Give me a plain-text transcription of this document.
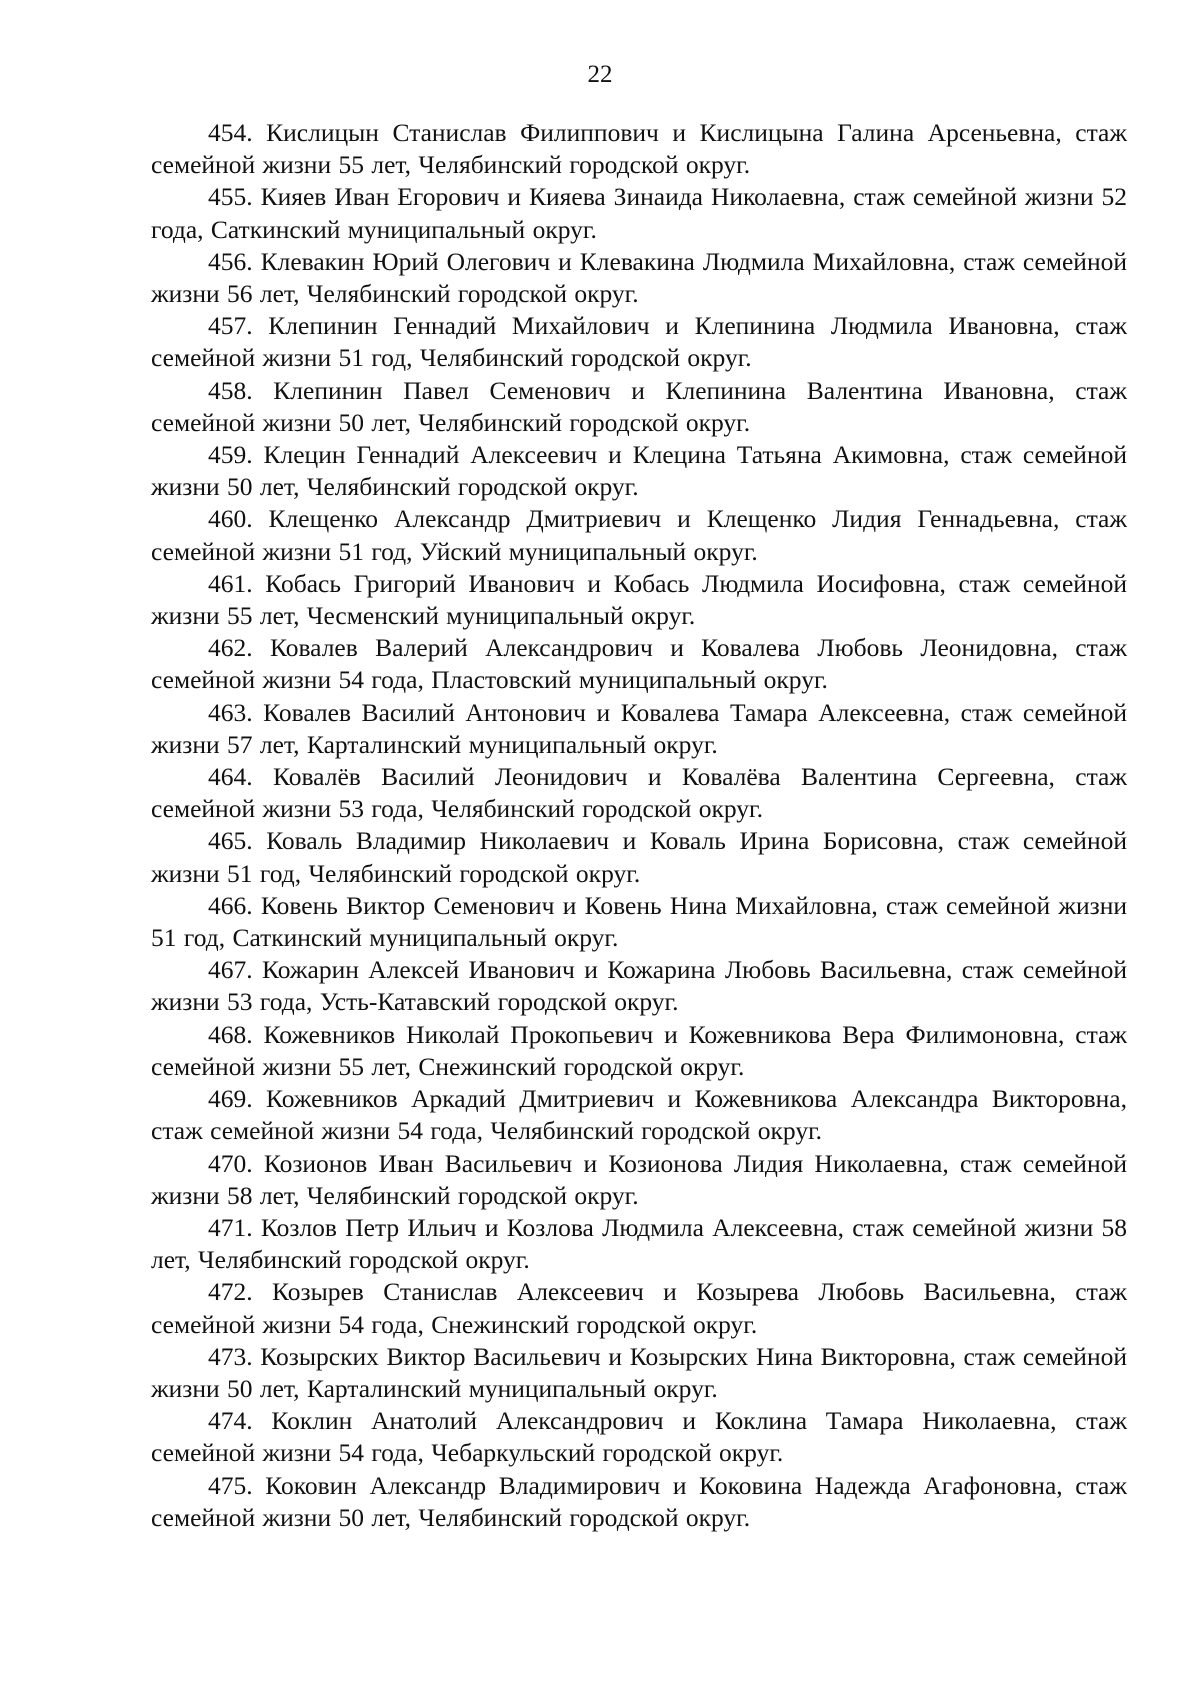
22

454. Кислицын Станислав Филиппович и Кислицына Галина Арсеньевна, стаж семейной жизни 55 лет, Челябинский городской округ.

455. Кияев Иван Егорович и Кияева Зинаида Николаевна, стаж семейной жизни 52 года, Саткинский муниципальный округ.

456. Клевакин Юрий Олегович и Клевакина Людмила Михайловна, стаж семейной жизни 56 лет, Челябинский городской округ.

457. Клепинин Геннадий Михайлович и Клепинина Людмила Ивановна, стаж семейной жизни 51 год, Челябинский городской округ.

458. Клепинин Павел Семенович и Клепинина Валентина Ивановна, стаж семейной жизни 50 лет, Челябинский городской округ.

459. Клецин Геннадий Алексеевич и Клецина Татьяна Акимовна, стаж семейной жизни 50 лет, Челябинский городской округ.

460. Клещенко Александр Дмитриевич и Клещенко Лидия Геннадьевна, стаж семейной жизни 51 год, Уйский муниципальный округ.

461. Кобась Григорий Иванович и Кобась Людмила Иосифовна, стаж семейной жизни 55 лет, Чесменский муниципальный округ.

462. Ковалев Валерий Александрович и Ковалева Любовь Леонидовна, стаж семейной жизни 54 года, Пластовский муниципальный округ.

463. Ковалев Василий Антонович и Ковалева Тамара Алексеевна, стаж семейной жизни 57 лет, Карталинский муниципальный округ.

464. Ковалёв Василий Леонидович и Ковалёва Валентина Сергеевна, стаж семейной жизни 53 года, Челябинский городской округ.

465. Коваль Владимир Николаевич и Коваль Ирина Борисовна, стаж семейной жизни 51 год, Челябинский городской округ.

466. Ковень Виктор Семенович и Ковень Нина Михайловна, стаж семейной жизни 51 год, Саткинский муниципальный округ.

467. Кожарин Алексей Иванович и Кожарина Любовь Васильевна, стаж семейной жизни 53 года, Усть-Катавский городской округ.

468. Кожевников Николай Прокопьевич и Кожевникова Вера Филимоновна, стаж семейной жизни 55 лет, Снежинский городской округ.

469. Кожевников Аркадий Дмитриевич и Кожевникова Александра Викторовна, стаж семейной жизни 54 года, Челябинский городской округ.

470. Козионов Иван Васильевич и Козионова Лидия Николаевна, стаж семейной жизни 58 лет, Челябинский городской округ.

471. Козлов Петр Ильич и Козлова Людмила Алексеевна, стаж семейной жизни 58 лет, Челябинский городской округ.

472. Козырев Станислав Алексеевич и Козырева Любовь Васильевна, стаж семейной жизни 54 года, Снежинский городской округ.

473. Козырских Виктор Васильевич и Козырских Нина Викторовна, стаж семейной жизни 50 лет, Карталинский муниципальный округ.

474. Коклин Анатолий Александрович и Коклина Тамара Николаевна, стаж семейной жизни 54 года, Чебаркульский городской округ.

475. Коковин Александр Владимирович и Коковина Надежда Агафоновна, стаж семейной жизни 50 лет, Челябинский городской округ.
